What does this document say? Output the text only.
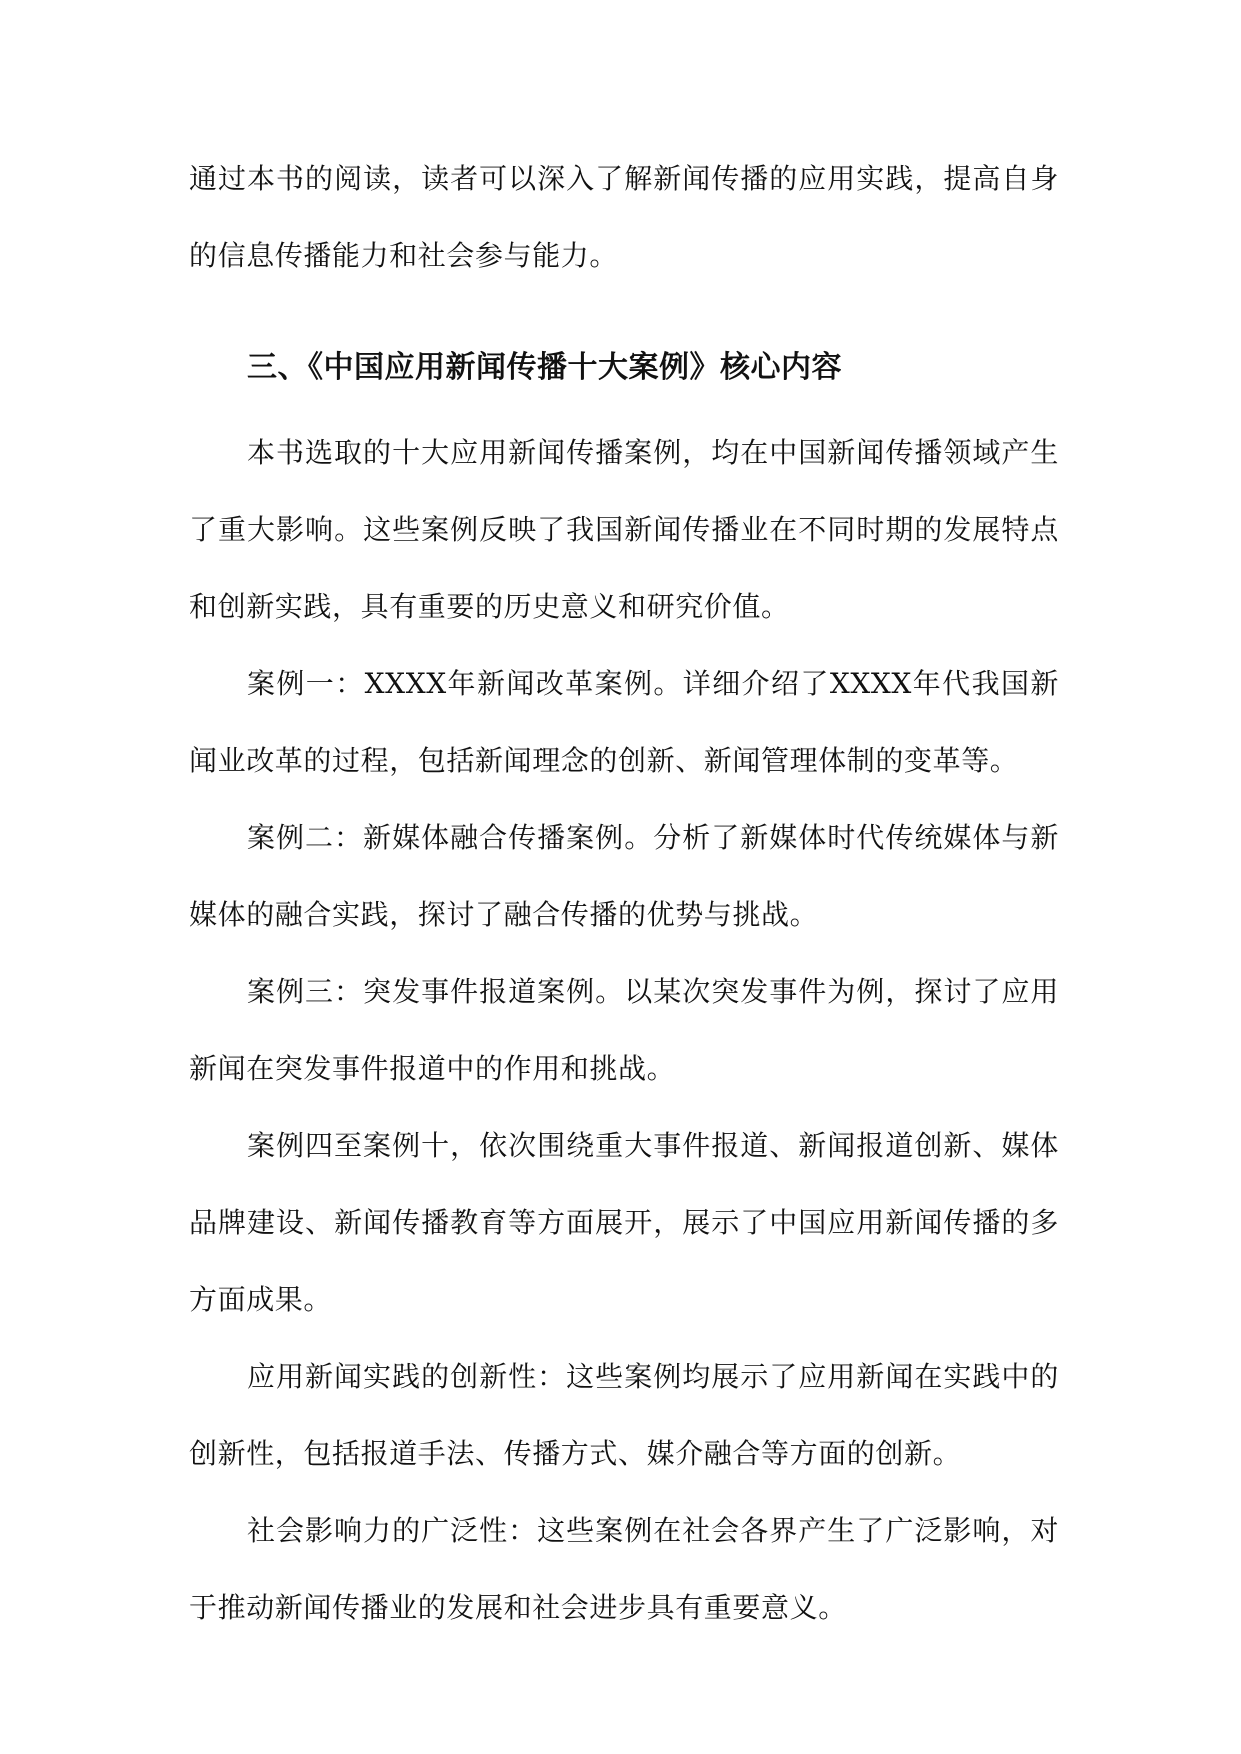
通过本书的阅读，读者可以深入了解新闻传播的应用实践，提高自身的信息传播能力和社会参与能力。

三、《中国应用新闻传播十大案例》核心内容

本书选取的十大应用新闻传播案例，均在中国新闻传播领域产生了重大影响。这些案例反映了我国新闻传播业在不同时期的发展特点和创新实践，具有重要的历史意义和研究价值。

案例一：XXXX年新闻改革案例。详细介绍了XXXX年代我国新闻业改革的过程，包括新闻理念的创新、新闻管理体制的变革等。

案例二：新媒体融合传播案例。分析了新媒体时代传统媒体与新媒体的融合实践，探讨了融合传播的优势与挑战。

案例三：突发事件报道案例。以某次突发事件为例，探讨了应用新闻在突发事件报道中的作用和挑战。

案例四至案例十，依次围绕重大事件报道、新闻报道创新、媒体品牌建设、新闻传播教育等方面展开，展示了中国应用新闻传播的多方面成果。

应用新闻实践的创新性：这些案例均展示了应用新闻在实践中的创新性，包括报道手法、传播方式、媒介融合等方面的创新。

社会影响力的广泛性：这些案例在社会各界产生了广泛影响，对于推动新闻传播业的发展和社会进步具有重要意义。
